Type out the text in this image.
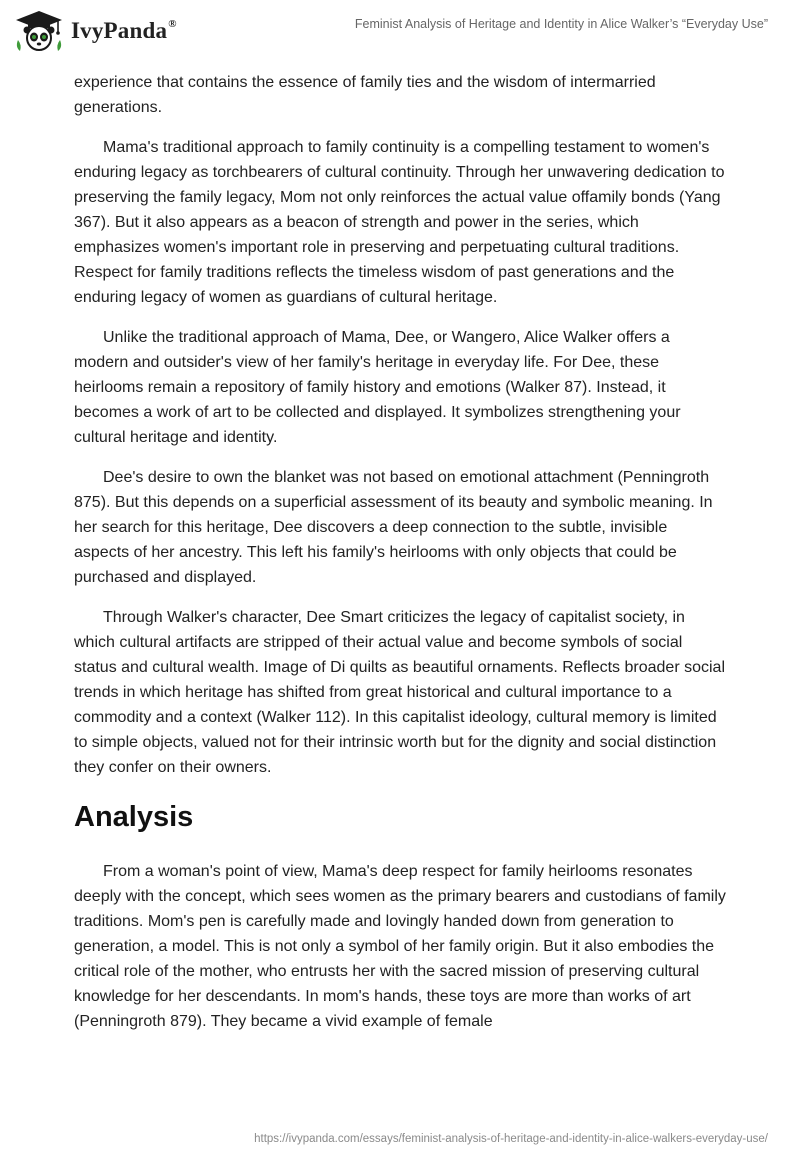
IvyPanda®	Feminist Analysis of Heritage and Identity in Alice Walker’s “Everyday Use”

experience that contains the essence of family ties and the wisdom of intermarried generations.

Mama's traditional approach to family continuity is a compelling testament to women's enduring legacy as torchbearers of cultural continuity. Through her unwavering dedication to preserving the family legacy, Mom not only reinforces the actual value offamily bonds (Yang 367). But it also appears as a beacon of strength and power in the series, which emphasizes women's important role in preserving and perpetuating cultural traditions. Respect for family traditions reflects the timeless wisdom of past generations and the enduring legacy of women as guardians of cultural heritage.

Unlike the traditional approach of Mama, Dee, or Wangero, Alice Walker offers a modern and outsider's view of her family's heritage in everyday life. For Dee, these heirlooms remain a repository of family history and emotions (Walker 87). Instead, it becomes a work of art to be collected and displayed. It symbolizes strengthening your cultural heritage and identity.

Dee's desire to own the blanket was not based on emotional attachment (Penningroth 875). But this depends on a superficial assessment of its beauty and symbolic meaning. In her search for this heritage, Dee discovers a deep connection to the subtle, invisible aspects of her ancestry. This left his family's heirlooms with only objects that could be purchased and displayed.

Through Walker's character, Dee Smart criticizes the legacy of capitalist society, in which cultural artifacts are stripped of their actual value and become symbols of social status and cultural wealth. Image of Di quilts as beautiful ornaments. Reflects broader social trends in which heritage has shifted from great historical and cultural importance to a commodity and a context (Walker 112). In this capitalist ideology, cultural memory is limited to simple objects, valued not for their intrinsic worth but for the dignity and social distinction they confer on their owners.

Analysis

From a woman's point of view, Mama's deep respect for family heirlooms resonates deeply with the concept, which sees women as the primary bearers and custodians of family traditions. Mom's pen is carefully made and lovingly handed down from generation to generation, a model. This is not only a symbol of her family origin. But it also embodies the critical role of the mother, who entrusts her with the sacred mission of preserving cultural knowledge for her descendants. In mom's hands, these toys are more than works of art (Penningroth 879). They became a vivid example of female

https://ivypanda.com/essays/feminist-analysis-of-heritage-and-identity-in-alice-walkers-everyday-use/
